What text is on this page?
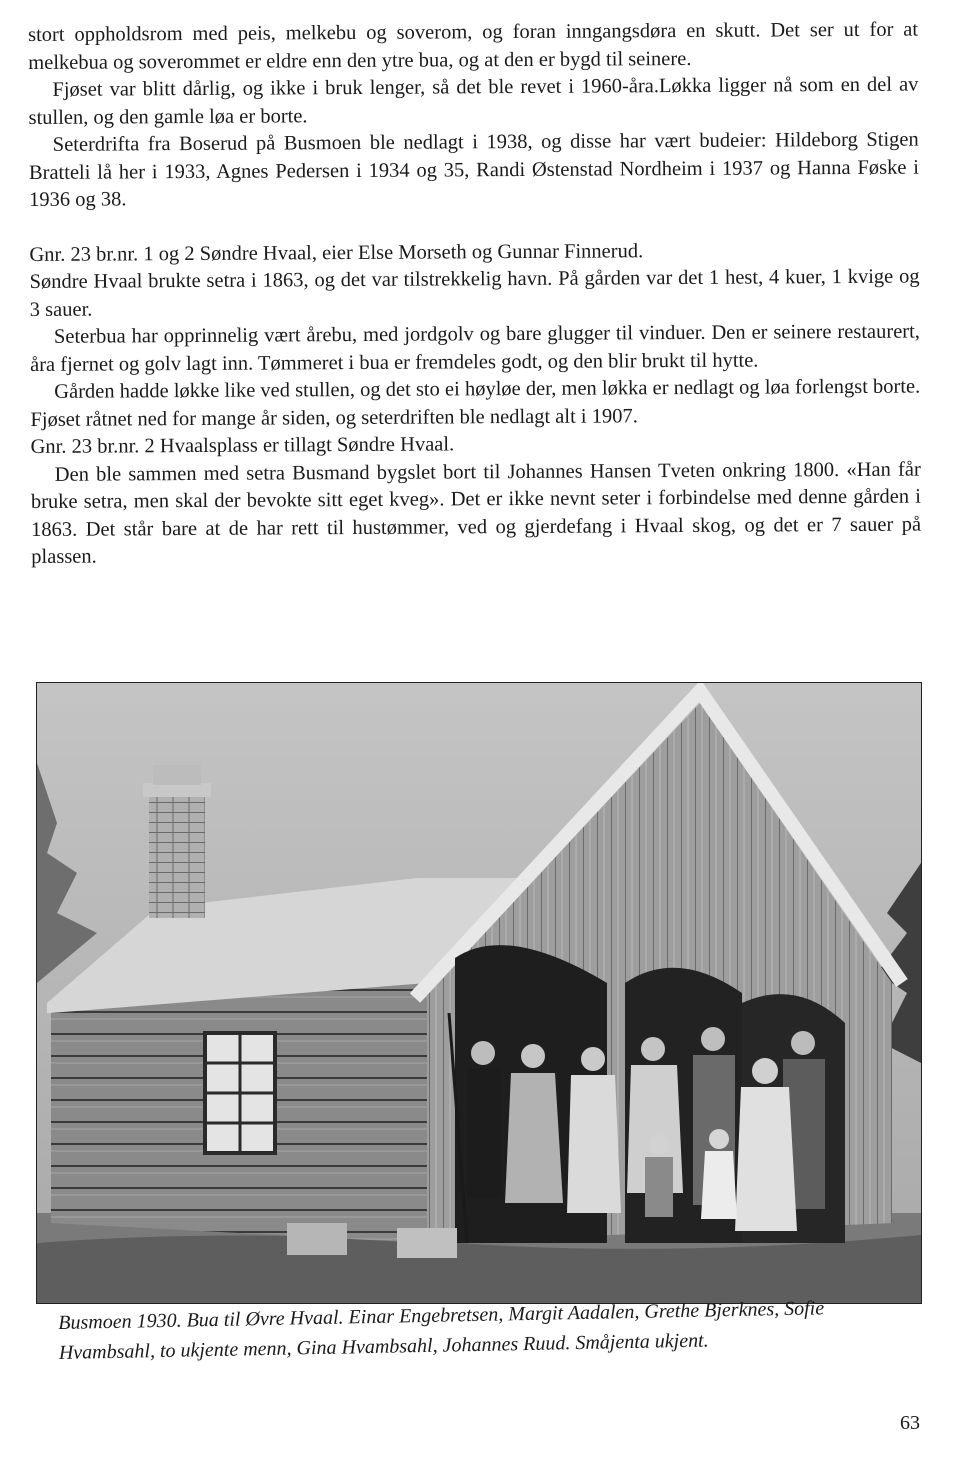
stort oppholdsrom med peis, melkebu og soverom, og foran inngangsdøra en skutt. Det ser ut for at melkebua og soverommet er eldre enn den ytre bua, og at den er bygd til seinere.

Fjøset var blitt dårlig, og ikke i bruk lenger, så det ble revet i 1960-åra.Løkka ligger nå som en del av stullen, og den gamle løa er borte.

Seterdrifta fra Boserud på Busmoen ble nedlagt i 1938, og disse har vært budeier: Hildeborg Stigen Bratteli lå her i 1933, Agnes Pedersen i 1934 og 35, Randi Østenstad Nordheim i 1937 og Hanna Føske i 1936 og 38.

Gnr. 23 br.nr. 1 og 2 Søndre Hvaal, eier Else Morseth og Gunnar Finnerud.

Søndre Hvaal brukte setra i 1863, og det var tilstrekkelig havn. På gården var det 1 hest, 4 kuer, 1 kvige og 3 sauer.

Seterbua har opprinnelig vært årebu, med jordgolv og bare glugger til vinduer. Den er seinere restaurert, åra fjernet og golv lagt inn. Tømmeret i bua er fremdeles godt, og den blir brukt til hytte.

Gården hadde løkke like ved stullen, og det sto ei høyløe der, men løkka er nedlagt og løa forlengst borte. Fjøset råtnet ned for mange år siden, og seterdriften ble nedlagt alt i 1907.

Gnr. 23 br.nr. 2 Hvaalsplass er tillagt Søndre Hvaal.

Den ble sammen med setra Busmand bygslet bort til Johannes Hansen Tveten onkring 1800. «Han får bruke setra, men skal der bevokte sitt eget kveg». Det er ikke nevnt seter i forbindelse med denne gården i 1863. Det står bare at de har rett til hustømmer, ved og gjerdefang i Hvaal skog, og det er 7 sauer på plassen.

Busmoen 1930. Bua til Øvre Hvaal. Einar Engebretsen, Margit Aadalen, Grethe Bjerknes, Sofie Hvambsahl, to ukjente menn, Gina Hvambsahl, Johannes Ruud. Småjenta ukjent.

63
